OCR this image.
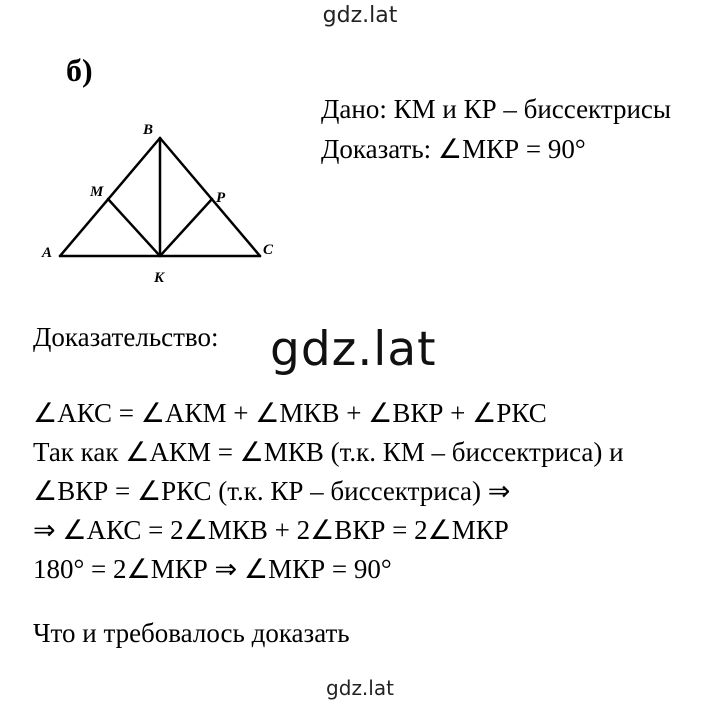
gdz.lat
б)
A
B
C
M	P
K
Дано: КМ и КР – биссектрисы
Доказать: ∠МКР = 90°
Доказательство: gdz.lat
∠АКС = ∠АКМ + ∠МКВ + ∠ВКР + ∠РКС
Так как ∠АКМ = ∠МКВ (т.к. КМ – биссектриса) и
∠ВКР = ∠РКС (т.к. КР – биссектриса) ⇒
⇒ ∠АКС = 2∠МКВ + 2∠ВКР = 2∠МКР
180° = 2∠МКР ⇒ ∠МКР = 90°
Что и требовалось доказать
gdz.lat
